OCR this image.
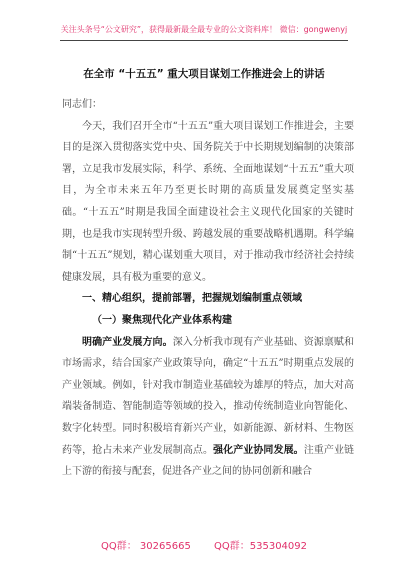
关注头条号“公文研究”，获得最新最全最专业的公文资料库！ 微信：gongwenyj
在全市 “十五五” 重大项目谋划工作推进会上的讲话

同志们：

今天，我们召开全市“十五五”重大项目谋划工作推进会，主要目的是深入贯彻落实党中央、国务院关于中长期规划编制的决策部署，立足我市发展实际，科学、系统、全面地谋划“十五五”重大项目，为全市未来五年乃至更长时期的高质量发展奠定坚实基础。“十五五”时期是我国全面建设社会主义现代化国家的关键时期，也是我市实现转型升级、跨越发展的重要战略机遇期。科学编制“十五五”规划，精心谋划重大项目，对于推动我市经济社会持续健康发展，具有极为重要的意义。

一、精心组织，提前部署，把握规划编制重点领域

（一）聚焦现代化产业体系构建

明确产业发展方向。深入分析我市现有产业基础、资源禀赋和市场需求，结合国家产业政策导向，确定“十五五”时期重点发展的产业领域。例如，针对我市制造业基础较为雄厚的特点，加大对高端装备制造、智能制造等领域的投入，推动传统制造业向智能化、数字化转型。同时积极培育新兴产业，如新能源、新材料、生物医药等，抢占未来产业发展制高点。强化产业协同发展。注重产业链上下游的衔接与配套，促进各产业之间的协同创新和融合

QQ群： 30265665 QQ群：535304092
